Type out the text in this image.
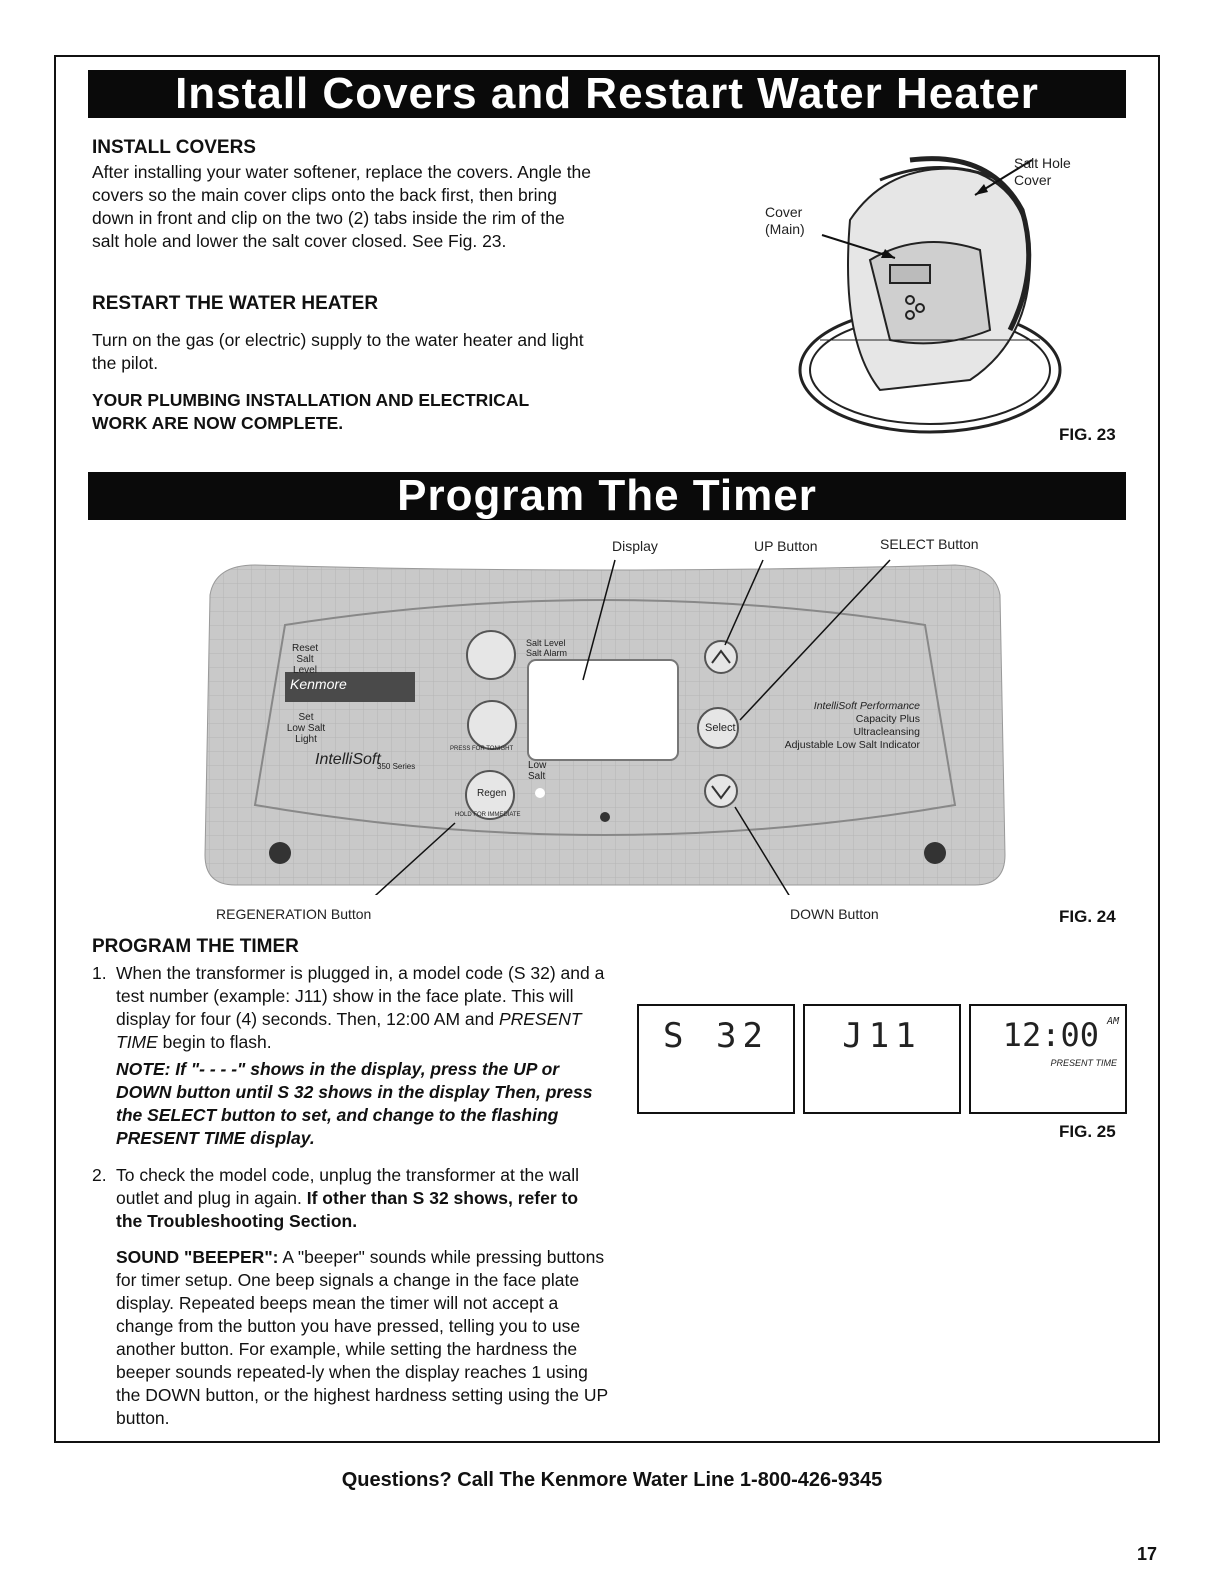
Install Covers and Restart Water Heater
INSTALL COVERS
After installing your water softener, replace the covers. Angle the covers so the main cover clips onto the back first, then bring down in front and clip on the two (2) tabs inside the rim of the salt hole and lower the salt cover closed. See Fig. 23.
RESTART THE WATER HEATER
Turn on the gas (or electric) supply to the water heater and light the pilot.
YOUR PLUMBING INSTALLATION AND ELECTRICAL
WORK ARE NOW COMPLETE.
Salt Hole
Cover
Cover
(Main)
FIG. 23
Program The Timer
Display	UP Button	SELECT Button
Reset
Salt
Level
Set
Low Salt
Light
Regen
Select
Salt Level
Salt Alarm
Low
Salt
PRESS FOR TONIGHT
HOLD FOR IMMEDIATE
IntelliSoft
350 Series
Kenmore
IntelliSoft Performance
Capacity Plus
Ultracleansing
Adjustable Low Salt Indicator
REGENERATION Button	DOWN Button	FIG. 24
PROGRAM THE TIMER
1. When the transformer is plugged in, a model code (S 32) and a test number (example: J11) show in the face plate. This will display for four (4) seconds. Then, 12:00 AM and PRESENT TIME begin to flash.
NOTE: If "- - - -" shows in the display, press the UP or DOWN button until S 32 shows in the display Then, press the SELECT button to set, and change to the flashing PRESENT TIME display.
2. To check the model code, unplug the transformer at the wall outlet and plug in again. If other than S 32 shows, refer to the Troubleshooting Section.
SOUND "BEEPER": A "beeper" sounds while pressing buttons for timer setup. One beep signals a change in the face plate display. Repeated beeps mean the timer will not accept a change from the button you have pressed, telling you to use another button. For example, while setting the hardness the beeper sounds repeated-ly when the display reaches 1 using the DOWN button, or the highest hardness setting using the UP button.
S 32	J11	12:00 AM
PRESENT TIME
FIG. 25
Questions? Call The Kenmore Water Line 1-800-426-9345
17
